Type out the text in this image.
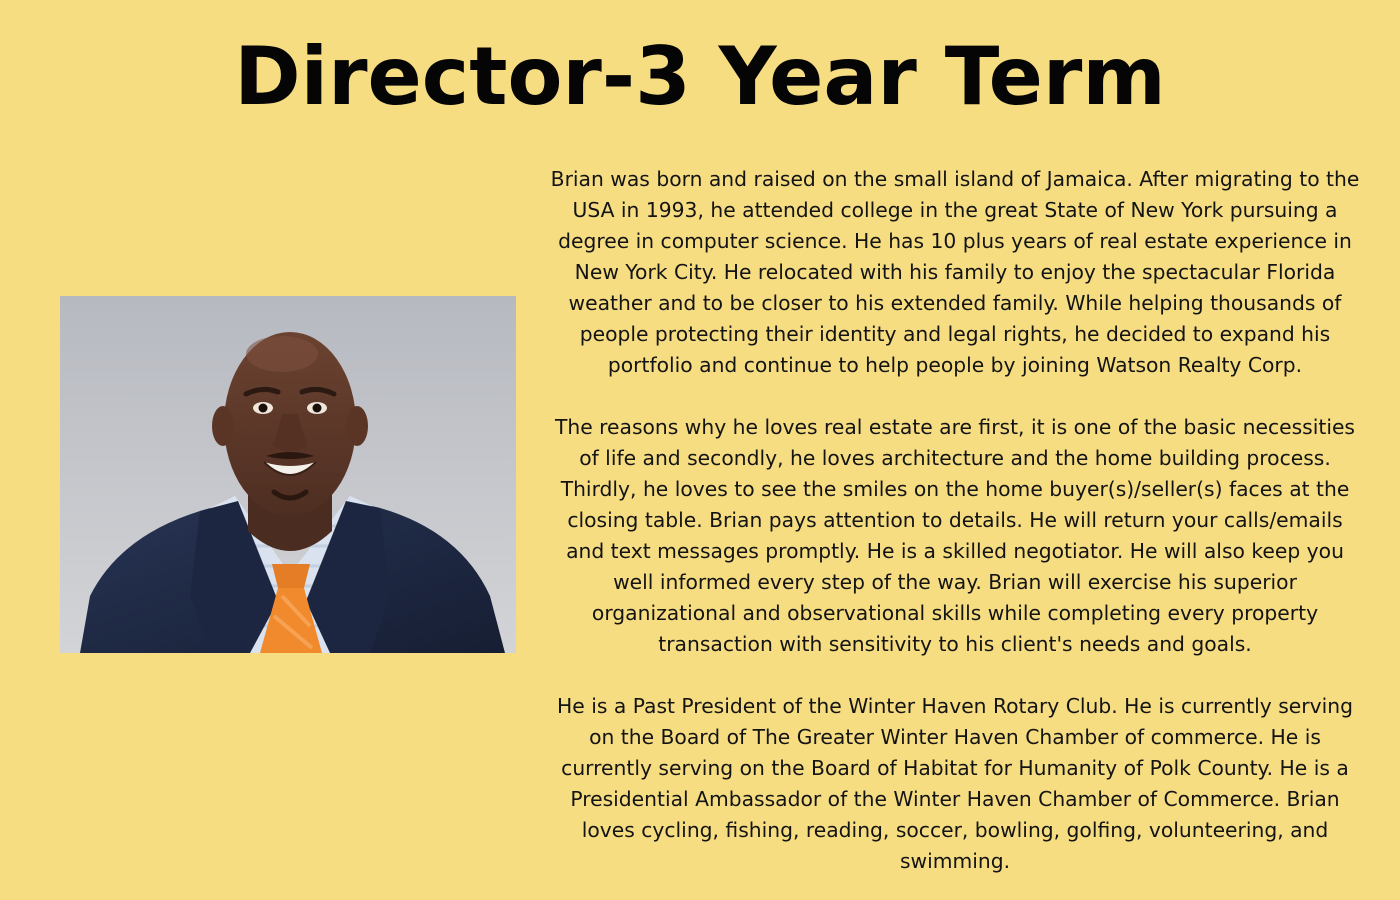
Director-3 Year Term

Brian was born and raised on the small island of Jamaica. After migrating to the USA in 1993, he attended college in the great State of New York pursuing a degree in computer science. He has 10 plus years of real estate experience in New York City. He relocated with his family to enjoy the spectacular Florida weather and to be closer to his extended family. While helping thousands of people protecting their identity and legal rights, he decided to expand his portfolio and continue to help people by joining Watson Realty Corp.

The reasons why he loves real estate are first, it is one of the basic necessities of life and secondly, he loves architecture and the home building process. Thirdly, he loves to see the smiles on the home buyer(s)/seller(s) faces at the closing table. Brian pays attention to details. He will return your calls/emails and text messages promptly. He is a skilled negotiator. He will also keep you well informed every step of the way. Brian will exercise his superior organizational and observational skills while completing every property transaction with sensitivity to his client's needs and goals.

He is a Past President of the Winter Haven Rotary Club. He is currently serving on the Board of The Greater Winter Haven Chamber of commerce. He is currently serving on the Board of Habitat for Humanity of Polk County. He is a Presidential Ambassador of the Winter Haven Chamber of Commerce. Brian loves cycling, fishing, reading, soccer, bowling, golfing, volunteering, and swimming.
